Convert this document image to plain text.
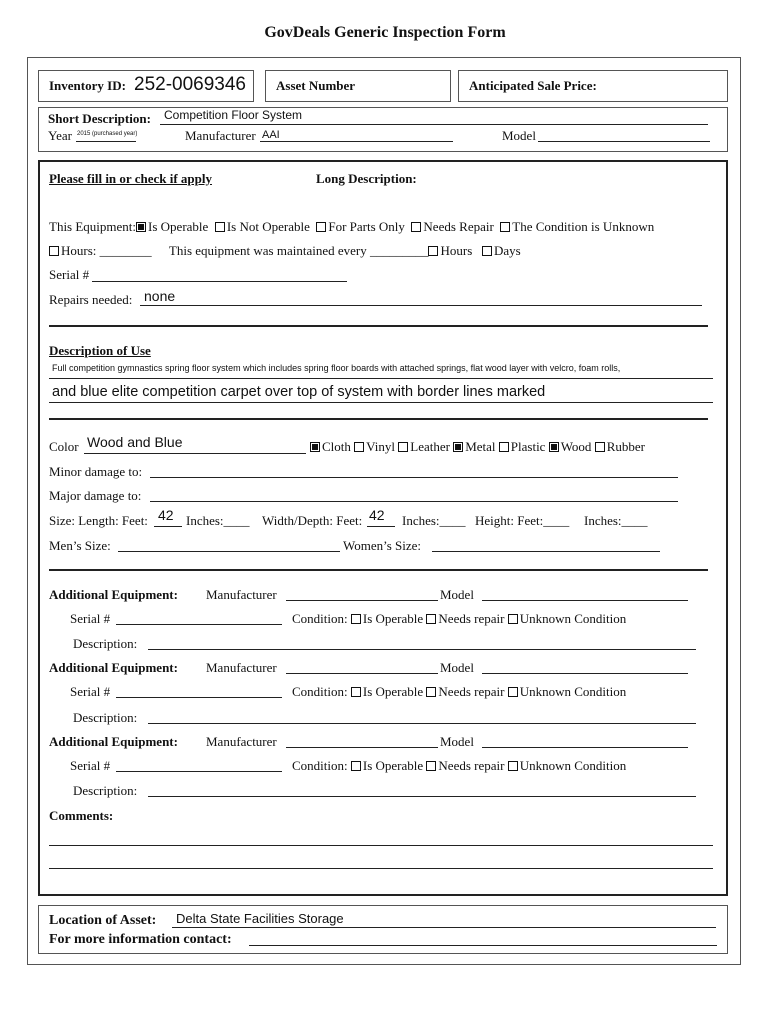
GovDeals Generic Inspection Form
Inventory ID: 252-0069346 Asset Number	Anticipated Sale Price:
Short Description: Competition Floor System
Year 2015 (purchased year)	Manufacturer AAI	Model
Please fill in or check if apply	Long Description:
This Equipment: Is Operable Is Not Operable For Parts Only Needs Repair The Condition is Unknown
Hours: ________ This equipment was maintained every _________ Hours Days
Serial #
Repairs needed: none
Description of Use
Full competition gymnastics spring floor system which includes spring floor boards with attached springs, flat wood layer with velcro, foam rolls,
and blue elite competition carpet over top of system with border lines marked
Color Wood and Blue	Cloth Vinyl Leather Metal Plastic Wood Rubber
Minor damage to:
Major damage to:
Size: Length: Feet: 42 Inches:____ Width/Depth: Feet: 42 Inches:____ Height: Feet:____ Inches:____
Men’s Size:	Women’s Size:
Additional Equipment: Manufacturer	Model
Serial #	Condition: Is Operable Needs repair Unknown Condition
Description:
Additional Equipment: Manufacturer	Model
Serial #	Condition: Is Operable Needs repair Unknown Condition
Description:
Additional Equipment: Manufacturer	Model
Serial #	Condition: Is Operable Needs repair Unknown Condition
Description:
Comments:
Location of Asset: Delta State Facilities Storage
For more information contact:
